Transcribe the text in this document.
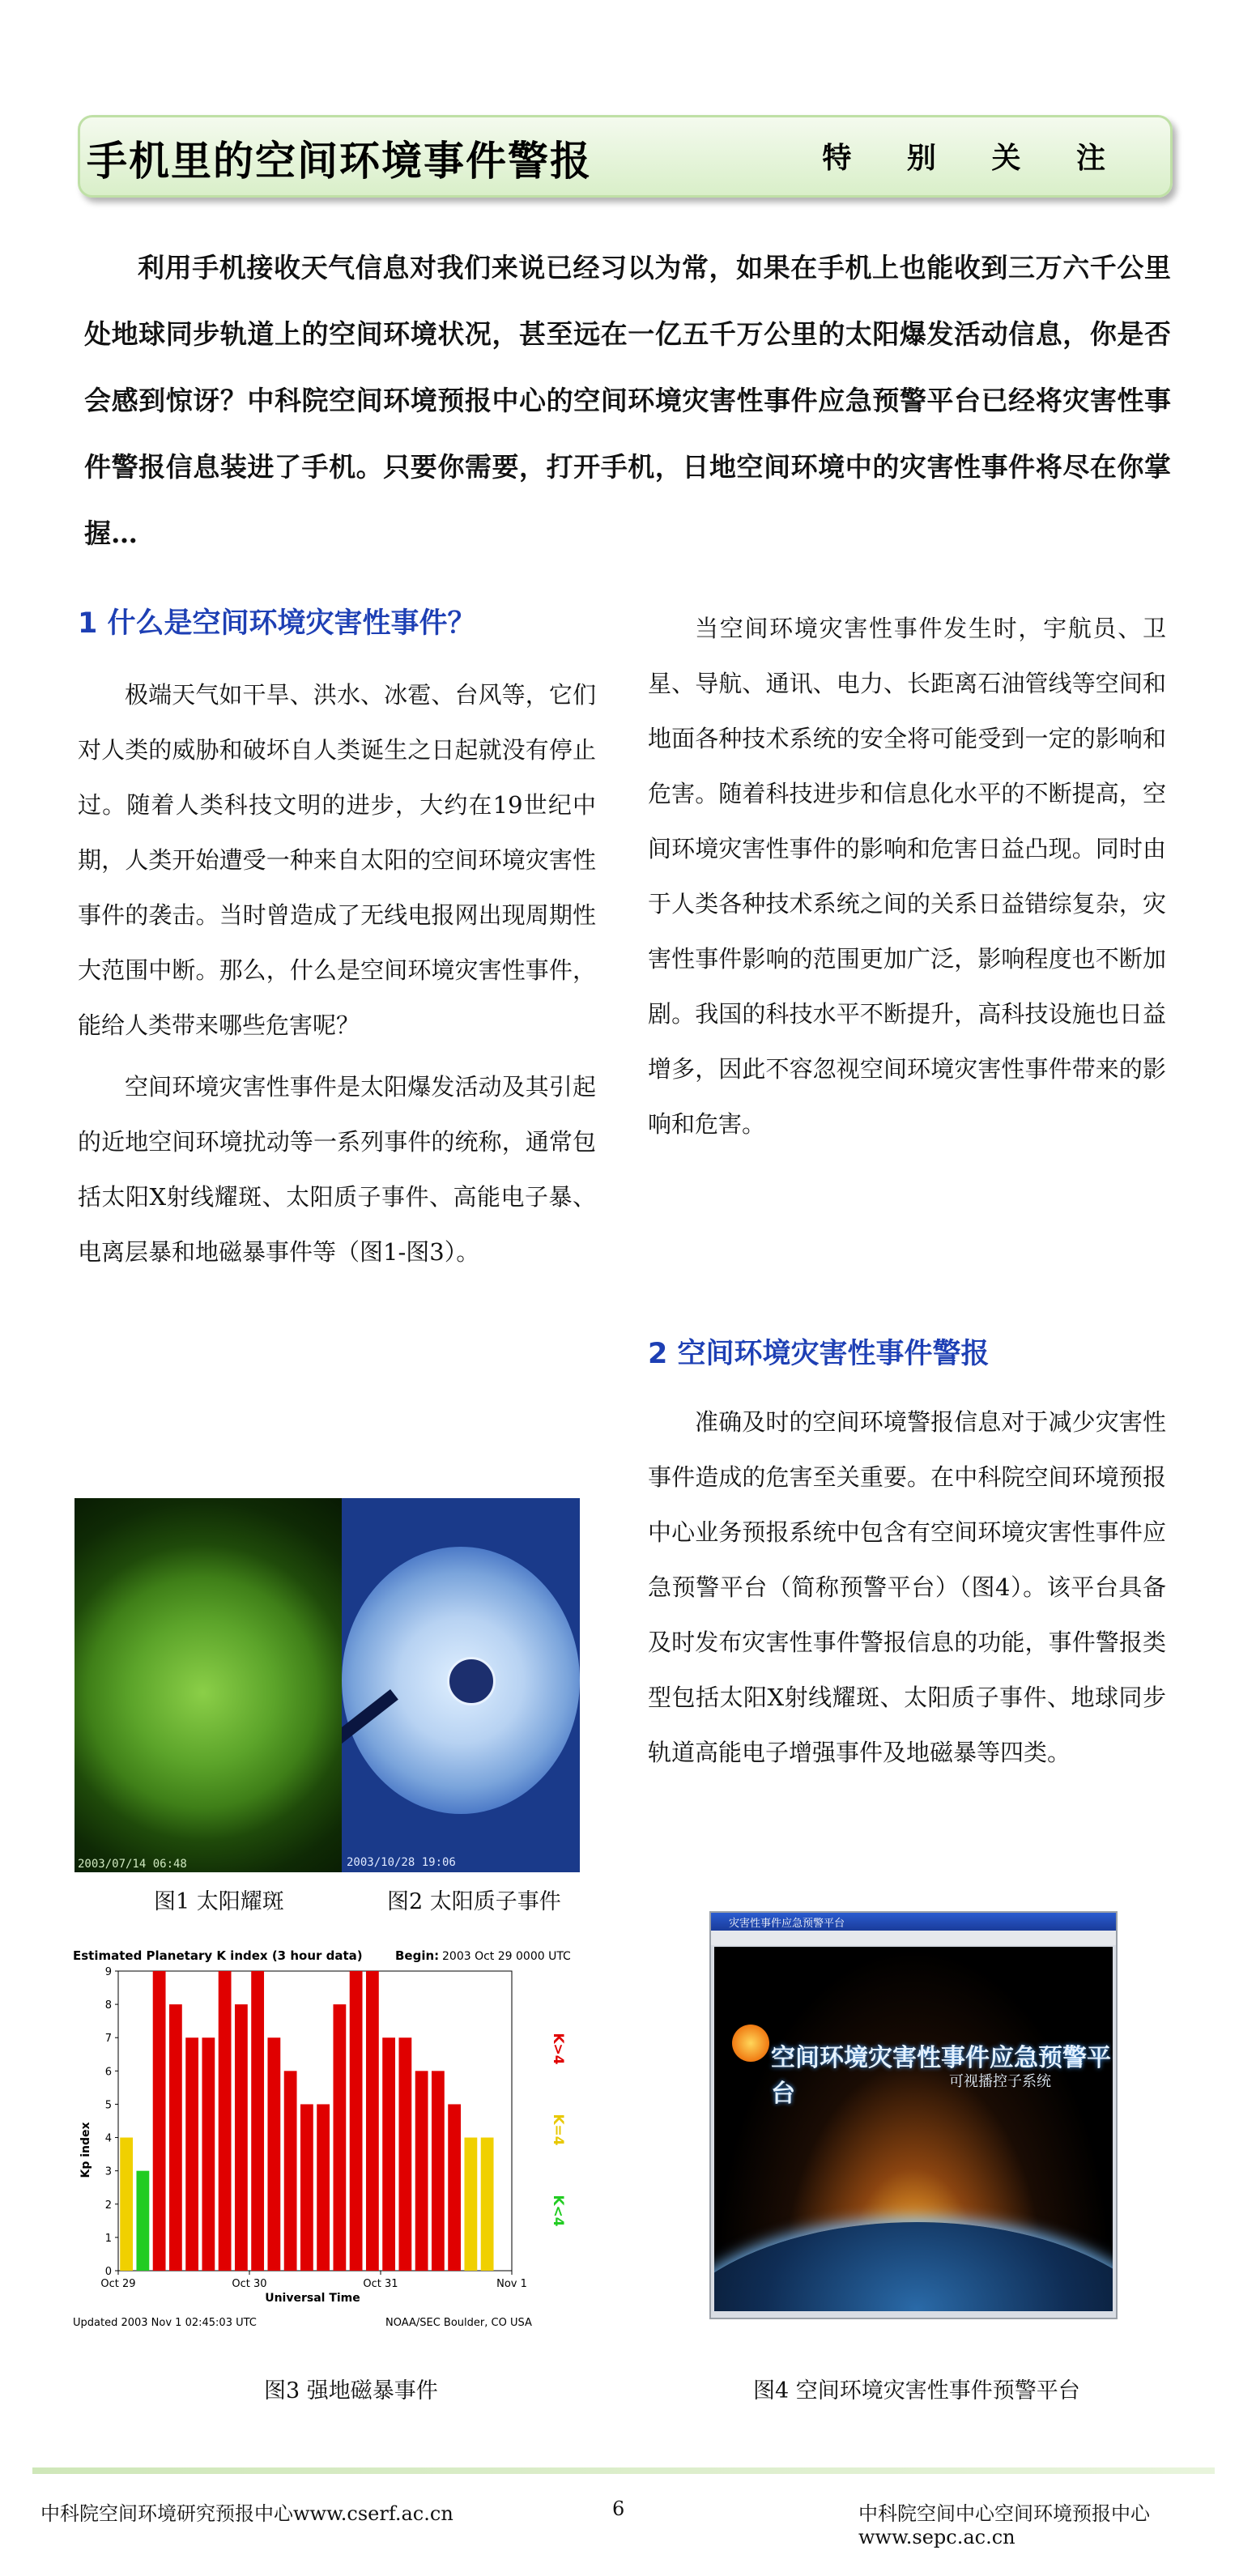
手机里的空间环境事件警报	特 别 关 注
利用手机接收天气信息对我们来说已经习以为常，如果在手机上也能收到三万六千公里处地球同步轨道上的空间环境状况，甚至远在一亿五千万公里的太阳爆发活动信息，你是否会感到惊讶？中科院空间环境预报中心的空间环境灾害性事件应急预警平台已经将灾害性事件警报信息装进了手机。只要你需要，打开手机，日地空间环境中的灾害性事件将尽在你掌握…
1 什么是空间环境灾害性事件？

极端天气如干旱、洪水、冰雹、台风等，它们对人类的威胁和破坏自人类诞生之日起就没有停止过。随着人类科技文明的进步，大约在19世纪中期，人类开始遭受一种来自太阳的空间环境灾害性事件的袭击。当时曾造成了无线电报网出现周期性大范围中断。那么，什么是空间环境灾害性事件，能给人类带来哪些危害呢？

空间环境灾害性事件是太阳爆发活动及其引起的近地空间环境扰动等一系列事件的统称，通常包括太阳X射线耀斑、太阳质子事件、高能电子暴、电离层暴和地磁暴事件等（图1-图3）。

当空间环境灾害性事件发生时，宇航员、卫星、导航、通讯、电力、长距离石油管线等空间和地面各种技术系统的安全将可能受到一定的影响和危害。随着科技进步和信息化水平的不断提高，空间环境灾害性事件的影响和危害日益凸现。同时由于人类各种技术系统之间的关系日益错综复杂，灾害性事件影响的范围更加广泛，影响程度也不断加剧。我国的科技水平不断提升，高科技设施也日益增多，因此不容忽视空间环境灾害性事件带来的影响和危害。

2 空间环境灾害性事件警报

准确及时的空间环境警报信息对于减少灾害性事件造成的危害至关重要。在中科院空间环境预报中心业务预报系统中包含有空间环境灾害性事件应急预警平台（简称预警平台）（图4）。该平台具备及时发布灾害性事件警报信息的功能，事件警报类型包括太阳X射线耀斑、太阳质子事件、地球同步轨道高能电子增强事件及地磁暴等四类。

2003/07/14 06:48	2003/10/28 19:06
图1 太阳耀斑	图2 太阳质子事件
Estimated Planetary K index (3 hour data)	Begin: 2003 Oct 29 0000 UTC
Kp index
Universal Time
Updated 2003 Nov 1 02:45:03 UTC	NOAA/SEC Boulder, CO USA
0
1
2
3
4
5
6
7
8
9
Oct 29	Oct 30	Oct 31	Nov 1
K<4
K=4
K>4
图3 强地磁暴事件
灾害性事件应急预警平台
空间环境灾害性事件应急预警平台	可视播控子系统
图4 空间环境灾害性事件预警平台
中科院空间环境研究预报中心www.cserf.ac.cn	6	中科院空间中心空间环境预报中心www.sepc.ac.cn
